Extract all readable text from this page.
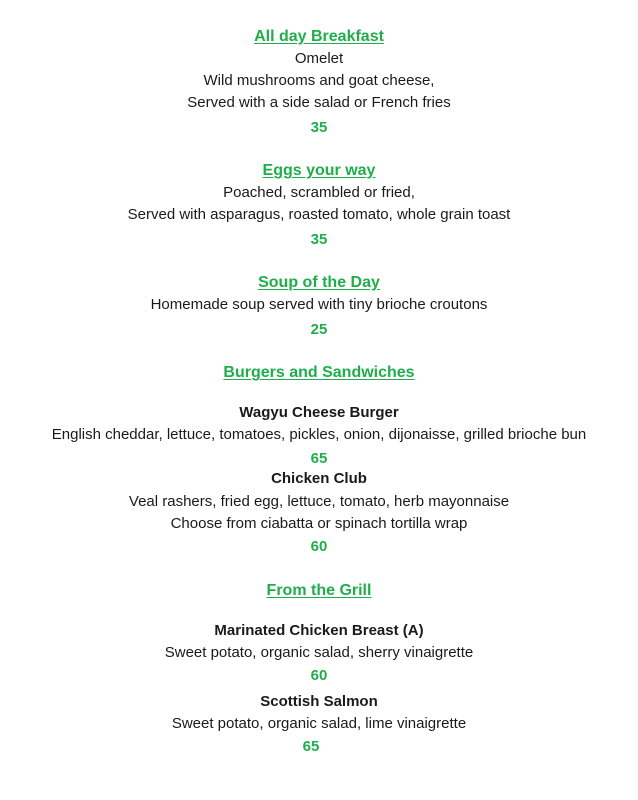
All day Breakfast
Omelet
Wild mushrooms and goat cheese,
Served with a side salad or French fries
35
Eggs your way
Poached, scrambled or fried,
Served with asparagus, roasted tomato, whole grain toast
35
Soup of the Day
Homemade soup served with tiny brioche croutons
25
Burgers and Sandwiches
Wagyu Cheese Burger
English cheddar, lettuce, tomatoes, pickles, onion, dijonaisse, grilled brioche bun
65
Chicken Club
Veal rashers, fried egg, lettuce, tomato, herb mayonnaise
Choose from ciabatta or spinach tortilla wrap
60
From the Grill
Marinated Chicken Breast (A)
Sweet potato, organic salad, sherry vinaigrette
60
Scottish Salmon
Sweet potato, organic salad, lime vinaigrette
65
